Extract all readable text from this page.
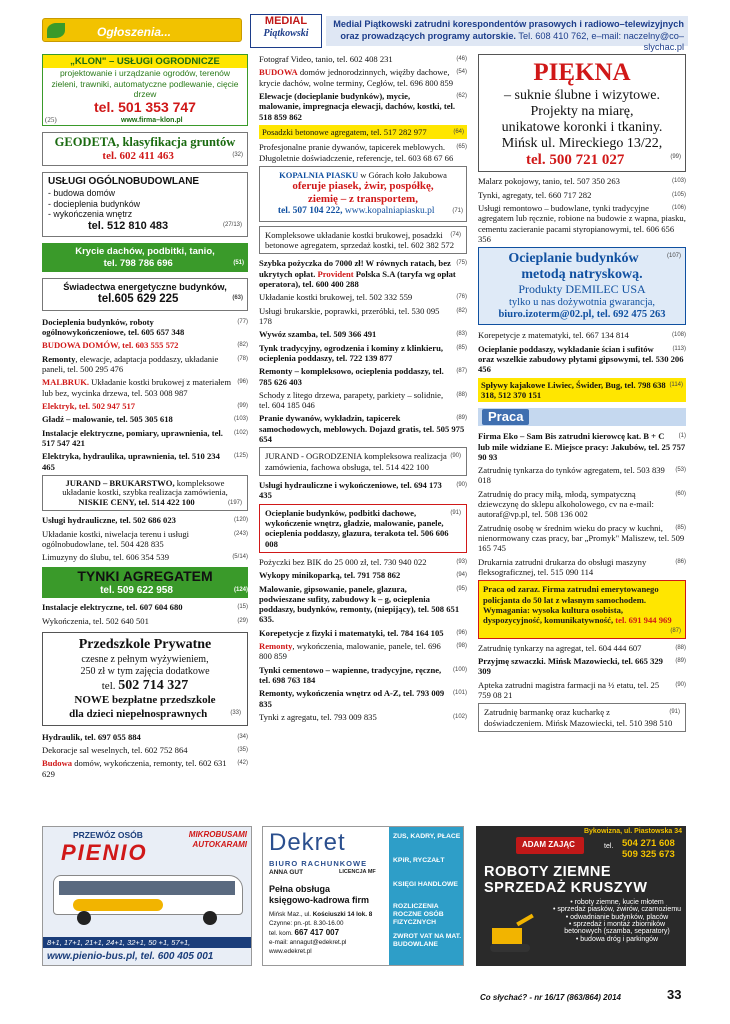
Ogłoszenia...
MEDIAL
Piątkowski
Medial Piątkowski zatrudni korespondentów prasowych i radiowo–telewizyjnych
oraz prowadzących programy autorskie. Tel. 608 410 762, e–mail: naczelny@co–slychac.pl
„KLON" – USŁUGI OGRODNICZE
projektowanie i urządzanie ogrodów, terenów zieleni, trawniki, automatyczne podlewanie, cięcie drzew
tel. 501 353 747
(25)	www.firma–klon.pl
GEODETA, klasyfikacja gruntów
(32)
tel. 602 411 463
USŁUGI OGÓLNOBUDOWLANE
- budowa domów
- docieplenia budynków
- wykończenia wnętrz
(27/13)
tel. 512 810 483
Krycie dachów, podbitki, tanio,
(51)
tel. 798 786 696
Świadectwa energetyczne budynków,
(63)
tel.605 629 225
(77)
Docieplenia budynków, roboty ogólnowykończeniowe, tel. 605 657 348
(82)
BUDOWA DOMÓW, tel. 603 555 572
(78)
Remonty, elewacje, adaptacja poddaszy, układanie paneli, tel. 500 295 476
(96)
MALBRUK. Układanie kostki brukowej z materiałem lub bez, wycinka drzewa, tel. 503 008 987
(99)
Elektryk, tel. 502 947 517
(103)
Gładź – malowanie, tel. 505 305 618
(102)
Instalacje elektryczne, pomiary, uprawnienia, tel. 517 547 421
(125)
Elektryka, hydraulika, uprawnienia, tel. 510 234 465
JURAND – BRUKARSTWO, kompleksowe układanie kostki, szybka realizacja zamówienia,
(197)
NISKIE CENY, tel. 514 422 100
(120)
Usługi hydrauliczne, tel. 502 686 023
(243)
Układanie kostki, niwelacja terenu i usługi ogólnobudowlane, tel. 504 428 835
(5/14)
Limuzyny do ślubu, tel. 606 354 539
TYNKI AGREGATEM
(124)
tel. 509 622 958
(15)
Instalacje elektryczne, tel. 607 604 680
(29)
Wykończenia, tel. 502 640 501
Przedszkole Prywatne
czesne z pełnym wyżywieniem,
250 zł w tym zajęcia dodatkowe
tel. 502 714 327
NOWE bezpłatne przedszkole
(33)
dla dzieci niepełnosprawnych
(34)
Hydraulik, tel. 697 055 884
(35)
Dekoracje sal weselnych, tel. 602 752 864
(42)
Budowa domów, wykończenia, remonty, tel. 602 631 629
(46)
Fotograf Video, tanio, tel. 602 408 231
(54)
BUDOWA domów jednorodzinnych, więźby dachowe, krycie dachów, wolne terminy, Cegłów, tel. 696 800 859
(62)
Elewacje (docieplanie budynków), mycie, malowanie, impregnacja elewacji, dachów, kostki, tel. 518 859 862
(64)
Posadzki betonowe agregatem, tel. 517 282 977
(65)
Profesjonalne pranie dywanów, tapicerek meblowych. Długoletnie doświadczenie, referencje, tel. 603 68 67 66
KOPALNIA PIASKU w Górach koło Jakubowa
oferuje piasek, żwir, pospółkę,
ziemię – z transportem,
(71)
tel. 507 104 222, www.kopalniapiasku.pl
(74)
Kompleksowe układanie kostki brukowej, posadzki betonowe agregatem, sprzedaż kostki, tel. 602 382 572
(75)
Szybka pożyczka do 7000 zł! W równych ratach, bez ukrytych opłat. Provident Polska S.A (taryfa wg opłat operatora), tel. 600 400 288
(76)
Układanie kostki brukowej, tel. 502 332 559
(82)
Usługi brukarskie, poprawki, przeróbki, tel. 530 095 178
(83)
Wywóz szamba, tel. 509 366 491
(85)
Tynk tradycyjny, ogrodzenia i kominy z klinkieru, ocieplenia poddaszy, tel. 722 139 877
(87)
Remonty – kompleksowo, ocieplenia poddaszy, tel. 785 626 403
(88)
Schody z litego drzewa, parapety, parkiety – solidnie, tel. 604 185 046
(89)
Pranie dywanów, wykładzin, tapicerek samochodowych, meblowych. Dojazd gratis, tel. 505 975 654
(90)
JURAND - OGRODZENIA kompleksowa realizacja zamówienia, fachowa obsługa, tel. 514 422 100
(90)
Usługi hydrauliczne i wykończeniowe, tel. 694 173 435
(91)
Ocieplanie budynków, podbitki dachowe, wykończenie wnętrz, gładzie, malowanie, panele, ocieplenia poddaszy, glazura, terakota tel. 506 606 008
(93)
Pożyczki bez BIK do 25 000 zł, tel. 730 940 022
(94)
Wykopy minikoparką, tel. 791 758 862
(95)
Malowanie, gipsowanie, panele, glazura, podwieszane sufity, zabudowy k – g, ocieplenia poddaszy, budynków, remonty, (niepijący), tel. 508 651 635.
(96)
Korepetycje z fizyki i matematyki, tel. 784 164 105
(98)
Remonty, wykończenia, malowanie, panele, tel. 696 800 859
(100)
Tynki cementowo – wapienne, tradycyjne, ręczne, tel. 698 763 184
(101)
Remonty, wykończenia wnętrz od A-Z, tel. 793 009 835
(102)
Tynki z agregatu, tel. 793 009 835
PIĘKNA
– suknie ślubne i wizytowe.
Projekty na miarę,
unikatowe koronki i tkaniny.
Mińsk ul. Mireckiego 13/22,
(99)
tel. 500 721 027
(103)
Malarz pokojowy, tanio, tel. 507 350 263
(105)
Tynki, agregaty, tel. 660 717 282
(106)
Usługi remontowo – budowlane, tynki tradycyjne agregatem lub ręcznie, robione na budowie z wapna, piasku, cementu zacieranie pacami styropianowymi, tel. 606 656 356
(107)
Ocieplanie budynków
metodą natryskową.
Produkty DEMILEC USA
tylko u nas dożywotnia gwarancja,
biuro.izoterm@02.pl, tel. 692 475 263
(108)
Korepetycje z matematyki, tel. 667 134 814
(113)
Ocieplanie poddaszy, wykładanie ścian i sufitów oraz wszelkie zabudowy płytami gipsowymi, tel. 530 206 456
(114)
Spływy kajakowe Liwiec, Świder, Bug, tel. 798 638 318, 512 370 151
Praca
(1)
Firma Eko – Sam Bis zatrudni kierowcę kat. B + C lub mile widziane E. Miejsce pracy: Jakubów, tel. 25 757 90 93
(53)
Zatrudnię tynkarza do tynków agregatem, tel. 503 839 018
(60)
Zatrudnię do pracy miłą, młodą, sympatyczną dziewczynę do sklepu alkoholowego, cv na e-mail: autoraf@vp.pl, tel. 508 136 002
(85)
Zatrudnię osobę w średnim wieku do pracy w kuchni, nienormowany czas pracy, bar „Promyk" Maliszew, tel. 509 165 745
(86)
Drukarnia zatrudni drukarza do obsługi maszyny fleksograficznej, tel. 515 090 114
Praca od zaraz. Firma zatrudni emerytowanego policjanta do 50 lat z własnym samochodem. Wymagania: wysoka kultura osobista, dyspozycyjność, komunikatywność, tel. 691 944 969
(87)
(88)
Zatrudnię tynkarzy na agregat, tel. 604 444 607
(89)
Przyjmę szwaczki. Mińsk Mazowiecki, tel. 665 329 309
(90)
Apteka zatrudni magistra farmacji na ½ etatu, tel. 25 759 08 21
(91)
Zatrudnię barmankę oraz kucharkę z doświadczeniem. Mińsk Mazowiecki, tel. 510 398 510
PRZEWÓZ OSÓB
PIENIO
MIKROBUSAMI
AUTOKARAMI
8+1, 17+1, 21+1, 24+1, 32+1, 50 +1, 57+1,
www.pienio-bus.pl, tel. 600 405 001
Dekret
BIURO RACHUNKOWE
ANNA GUT	LICENCJA MF
Pełna obsługa
księgowo-kadrowa firm
Mińsk Maz., ul. Kościuszki 14 lok. 8
Czynne: pn.-pt. 8.30-16.00
tel. kom. 667 417 007
e-mail: annagut@edekret.pl
www.edekret.pl
ZUS, KADRY, PŁACE
KPiR, RYCZAŁT
KSIĘGI HANDLOWE
ROZLICZENIA ROCZNE OSÓB FIZYCZNYCH
ZWROT VAT NA MAT. BUDOWLANE
Bykowizna, ul. Piastowska 34
ADAM ZAJĄC	tel. 504 271 608
509 325 673
ROBOTY ZIEMNE
SPRZEDAŻ KRUSZYW
• roboty ziemne, kucie młotem
• sprzedaż piasków, żwirów, czarnoziemu
• odwadnianie budynków, placów
• sprzedaż i montaż zbiorników betonowych (szamba, separatory)
• budowa dróg i parkingów
Co słychać? - nr 16/17 (863/864) 2014	33
